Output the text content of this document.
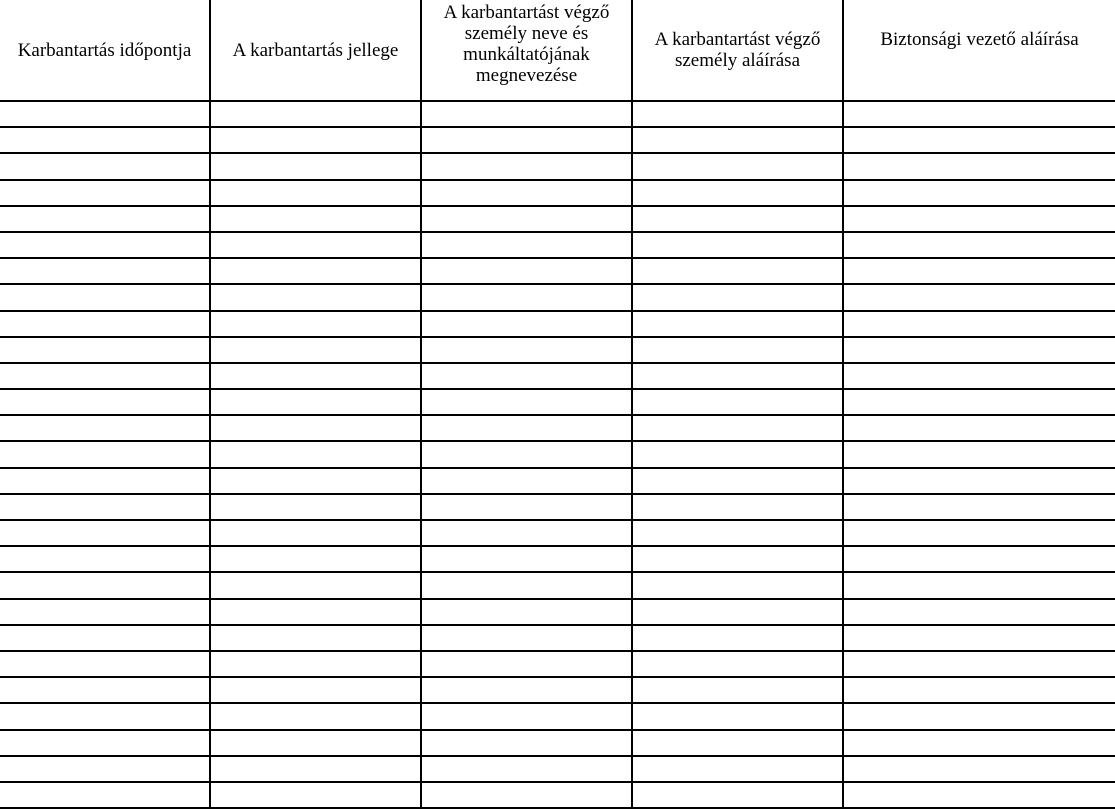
Karbantartás időpontja	A karbantartás jellege	A karbantartást végző személy neve és munkáltatójának megnevezése	A karbantartást végző személy aláírása	Biztonsági vezető aláírása
